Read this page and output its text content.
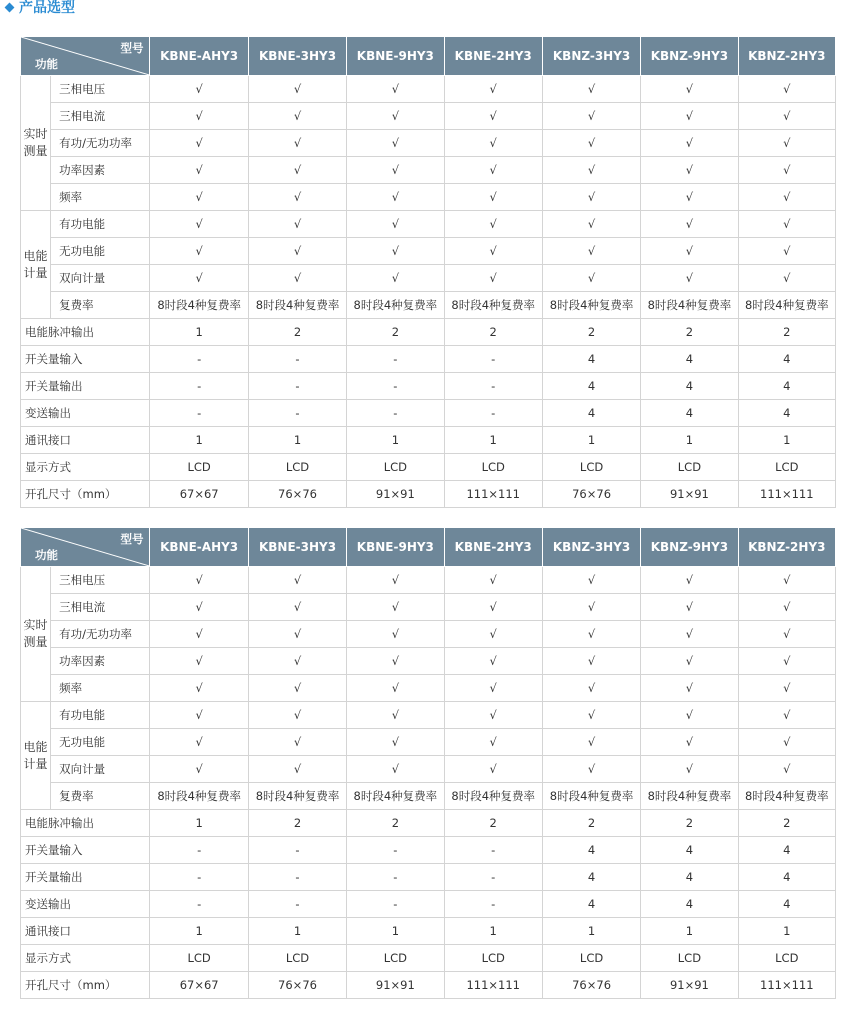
产品选型
型号
功能		KBNE-AHY3	KBNE-3HY3	KBNE-9HY3	KBNE-2HY3	KBNZ-3HY3	KBNZ-9HY3	KBNZ-2HY3
实时测量	三相电压	√	√	√	√	√	√	√
	三相电流	√	√	√	√	√	√	√
	有功/无功功率	√	√	√	√	√	√	√
	功率因素	√	√	√	√	√	√	√
	频率	√	√	√	√	√	√	√
电能计量	有功电能	√	√	√	√	√	√	√
	无功电能	√	√	√	√	√	√	√
	双向计量	√	√	√	√	√	√	√
	复费率	8时段4种复费率	8时段4种复费率	8时段4种复费率	8时段4种复费率	8时段4种复费率	8时段4种复费率	8时段4种复费率
电能脉冲输出		1	2	2	2	2	2	2
开关量输入		-	-	-	-	4	4	4
开关量输出		-	-	-	-	4	4	4
变送输出		-	-	-	-	4	4	4
通讯接口		1	1	1	1	1	1	1
显示方式		LCD	LCD	LCD	LCD	LCD	LCD	LCD
开孔尺寸（mm）		67×67	76×76	91×91	111×111	76×76	91×91	111×111
型号
功能		KBNE-AHY3	KBNE-3HY3	KBNE-9HY3	KBNE-2HY3	KBNZ-3HY3	KBNZ-9HY3	KBNZ-2HY3
实时测量	三相电压	√	√	√	√	√	√	√
	三相电流	√	√	√	√	√	√	√
	有功/无功功率	√	√	√	√	√	√	√
	功率因素	√	√	√	√	√	√	√
	频率	√	√	√	√	√	√	√
电能计量	有功电能	√	√	√	√	√	√	√
	无功电能	√	√	√	√	√	√	√
	双向计量	√	√	√	√	√	√	√
	复费率	8时段4种复费率	8时段4种复费率	8时段4种复费率	8时段4种复费率	8时段4种复费率	8时段4种复费率	8时段4种复费率
电能脉冲输出		1	2	2	2	2	2	2
开关量输入		-	-	-	-	4	4	4
开关量输出		-	-	-	-	4	4	4
变送输出		-	-	-	-	4	4	4
通讯接口		1	1	1	1	1	1	1
显示方式		LCD	LCD	LCD	LCD	LCD	LCD	LCD
开孔尺寸（mm）		67×67	76×76	91×91	111×111	76×76	91×91	111×111
